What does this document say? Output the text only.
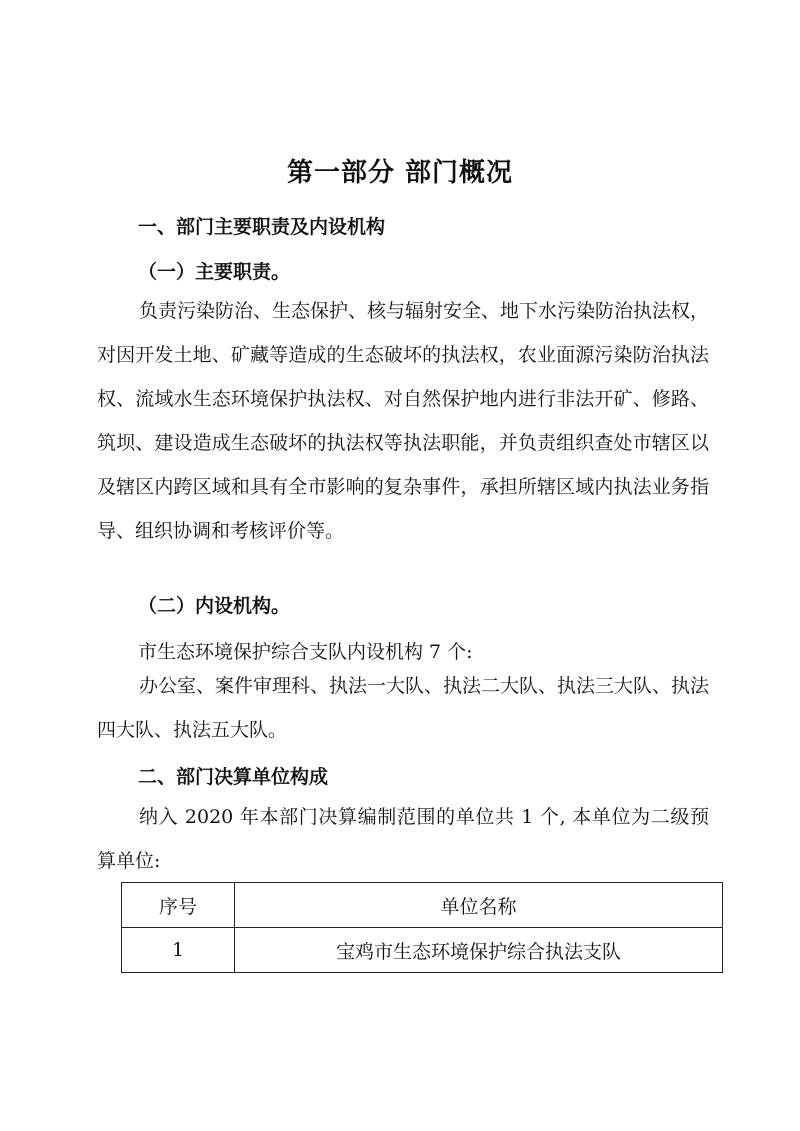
第一部分 部门概况
一、部门主要职责及内设机构
（一）主要职责。

负责污染防治、生态保护、核与辐射安全、地下水污染防治执法权，对因开发土地、矿藏等造成的生态破坏的执法权，农业面源污染防治执法权、流域水生态环境保护执法权、对自然保护地内进行非法开矿、修路、筑坝、建设造成生态破坏的执法权等执法职能，并负责组织查处市辖区以及辖区内跨区域和具有全市影响的复杂事件，承担所辖区域内执法业务指导、组织协调和考核评价等。

（二）内设机构。
市生态环境保护综合支队内设机构 7 个:

办公室、案件审理科、执法一大队、执法二大队、执法三大队、执法四大队、执法五大队。

二、部门决算单位构成

纳入 2020 年本部门决算编制范围的单位共 1 个, 本单位为二级预算单位:

序号	单位名称
1	宝鸡市生态环境保护综合执法支队
